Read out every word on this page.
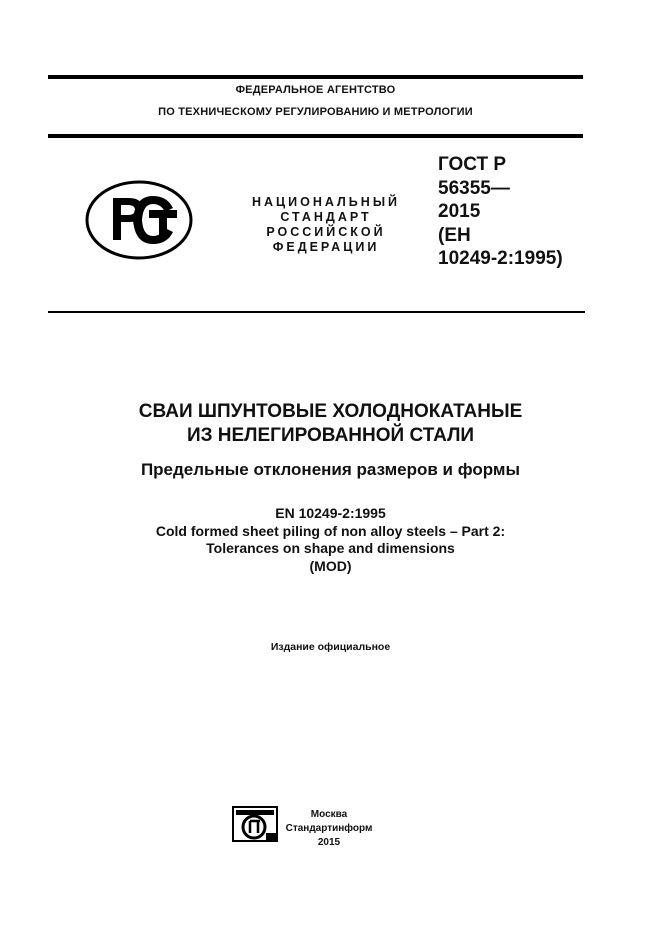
ФЕДЕРАЛЬНОЕ АГЕНТСТВО
ПО ТЕХНИЧЕСКОМУ РЕГУЛИРОВАНИЮ И МЕТРОЛОГИИ
НАЦИОНАЛЬНЫЙ
СТАНДАРТ
РОССИЙСКОЙ
ФЕДЕРАЦИИ
ГОСТ Р
56355—
2015
(ЕН
10249-2:1995)
СВАИ ШПУНТОВЫЕ ХОЛОДНОКАТАНЫЕ
ИЗ НЕЛЕГИРОВАННОЙ СТАЛИ
Предельные отклонения размеров и формы
EN 10249-2:1995
Cold formed sheet piling of non alloy steels – Part 2:
Tolerances on shape and dimensions
(MOD)
Издание официальное
Москва
Стандартинформ
2015
